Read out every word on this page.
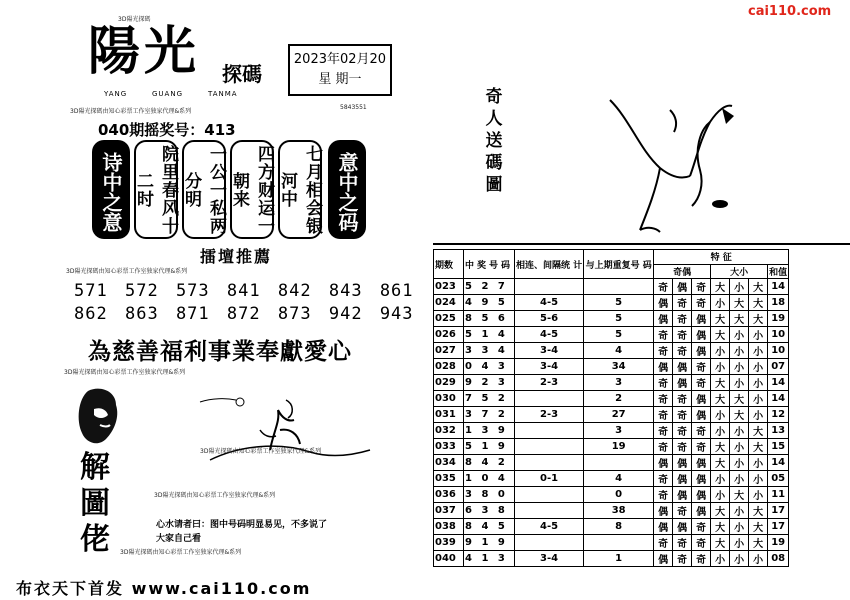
cai110.com
3D陽光探碼
陽光 探碼
YANG	GUANG	TANMA
2023年02月20
星 期一
3D陽光探碼由知心彩票工作室独家代理&系列
5843551
040期摇奖号：413
诗中之意	院里春风十二时	一公一私两分明	四方财运一朝来	七月相会银河中	意中之码
擂壇推薦
3D陽光探碼由知心彩票工作室独家代理&系列
571 572 573 841 842 843 861
862 863 871 872 873 942 943
為慈善福利事業奉獻愛心
3D陽光探碼由知心彩票工作室独家代理&系列
3D陽光探碼由知心彩票工作室独家代理&系列
解圖佬
3D陽光探碼由知心彩票工作室独家代理&系列
心水请者曰：图中号码明显易见，不多说了
大家自己看
3D陽光探碼由知心彩票工作室独家代理&系列
布衣天下首发 www.cai110.com
奇人送碼圖
期数	中奖号码	相连、间隔统 计	与上期重复号 码	特 征						
				奇偶			大小			和值
023	5 2 7			奇	偶	奇	大	小	大	14
024	4 9 5	4-5	5	偶	奇	奇	小	大	大	18
025	8 5 6	5-6	5	偶	奇	偶	大	大	大	19
026	5 1 4	4-5	5	奇	奇	偶	大	小	小	10
027	3 3 4	3-4	4	奇	奇	偶	小	小	小	10
028	0 4 3	3-4	34	偶	偶	奇	小	小	小	07
029	9 2 3	2-3	3	奇	偶	奇	大	小	小	14
030	7 5 2		2	奇	奇	偶	大	大	小	14
031	3 7 2	2-3	27	奇	奇	偶	小	大	小	12
032	1 3 9		3	奇	奇	奇	小	小	大	13
033	5 1 9		19	奇	奇	奇	大	小	大	15
034	8 4 2			偶	偶	偶	大	小	小	14
035	1 0 4	0-1	4	奇	偶	偶	小	小	小	05
036	3 8 0		0	奇	偶	偶	小	大	小	11
037	6 3 8		38	偶	奇	偶	大	小	大	17
038	8 4 5	4-5	8	偶	偶	奇	大	小	大	17
039	9 1 9			奇	奇	奇	大	小	大	19
040	4 1 3	3-4	1	偶	奇	奇	小	小	小	08
